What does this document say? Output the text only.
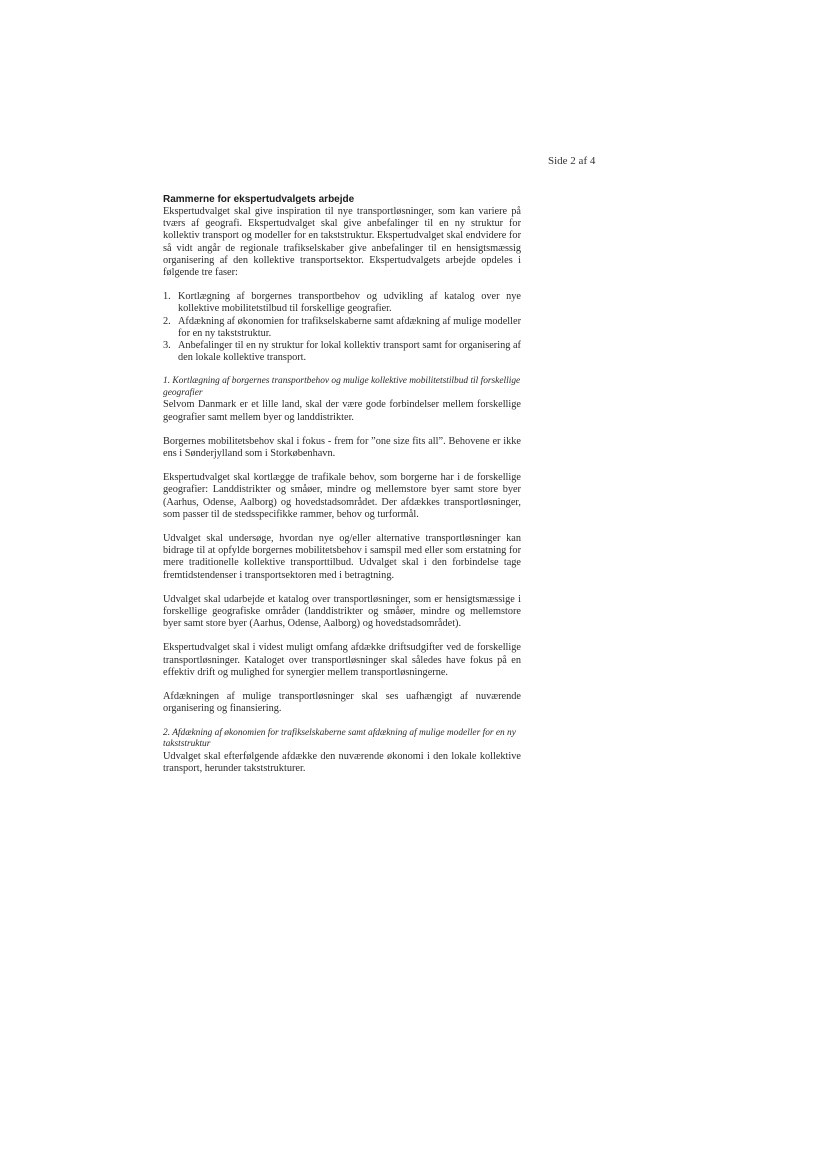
Side 2 af 4
Rammerne for ekspertudvalgets arbejde

Ekspertudvalget skal give inspiration til nye transportløsninger, som kan variere på tværs af geografi. Ekspertudvalget skal give anbefalinger til en ny struktur for kollektiv transport og modeller for en takststruktur. Ekspertudvalget skal endvidere for så vidt angår de regionale trafikselskaber give anbefalinger til en hensigtsmæssig organisering af den kollektive transportsektor. Ekspertudvalgets arbejde opdeles i følgende tre faser:

1. Kortlægning af borgernes transportbehov og udvikling af katalog over nye kollektive mobilitetstilbud til forskellige geografier.
2. Afdækning af økonomien for trafikselskaberne samt afdækning af mulige modeller for en ny takststruktur.
3. Anbefalinger til en ny struktur for lokal kollektiv transport samt for organisering af den lokale kollektive transport.
1. Kortlægning af borgernes transportbehov og mulige kollektive mobilitetstilbud til forskellige geografier

Selvom Danmark er et lille land, skal der være gode forbindelser mellem forskellige geografier samt mellem byer og landdistrikter.

Borgernes mobilitetsbehov skal i fokus - frem for ”one size fits all”. Behovene er ikke ens i Sønderjylland som i Storkøbenhavn.

Ekspertudvalget skal kortlægge de trafikale behov, som borgerne har i de forskellige geografier: Landdistrikter og småøer, mindre og mellemstore byer samt store byer (Aarhus, Odense, Aalborg) og hovedstadsområdet. Der afdækkes transportløsninger, som passer til de stedsspecifikke rammer, behov og turformål.

Udvalget skal undersøge, hvordan nye og/eller alternative transportløsninger kan bidrage til at opfylde borgernes mobilitetsbehov i samspil med eller som erstatning for mere traditionelle kollektive transporttilbud. Udvalget skal i den forbindelse tage fremtidstendenser i transportsektoren med i betragtning.

Udvalget skal udarbejde et katalog over transportløsninger, som er hensigtsmæssige i forskellige geografiske områder (landdistrikter og småøer, mindre og mellemstore byer samt store byer (Aarhus, Odense, Aalborg) og hovedstadsområdet).

Ekspertudvalget skal i videst muligt omfang afdække driftsudgifter ved de forskellige transportløsninger. Kataloget over transportløsninger skal således have fokus på en effektiv drift og mulighed for synergier mellem transportløsningerne.

Afdækningen af mulige transportløsninger skal ses uafhængigt af nuværende organisering og finansiering.

2. Afdækning af økonomien for trafikselskaberne samt afdækning af mulige modeller for en ny takststruktur

Udvalget skal efterfølgende afdække den nuværende økonomi i den lokale kollektive transport, herunder takststrukturer.
